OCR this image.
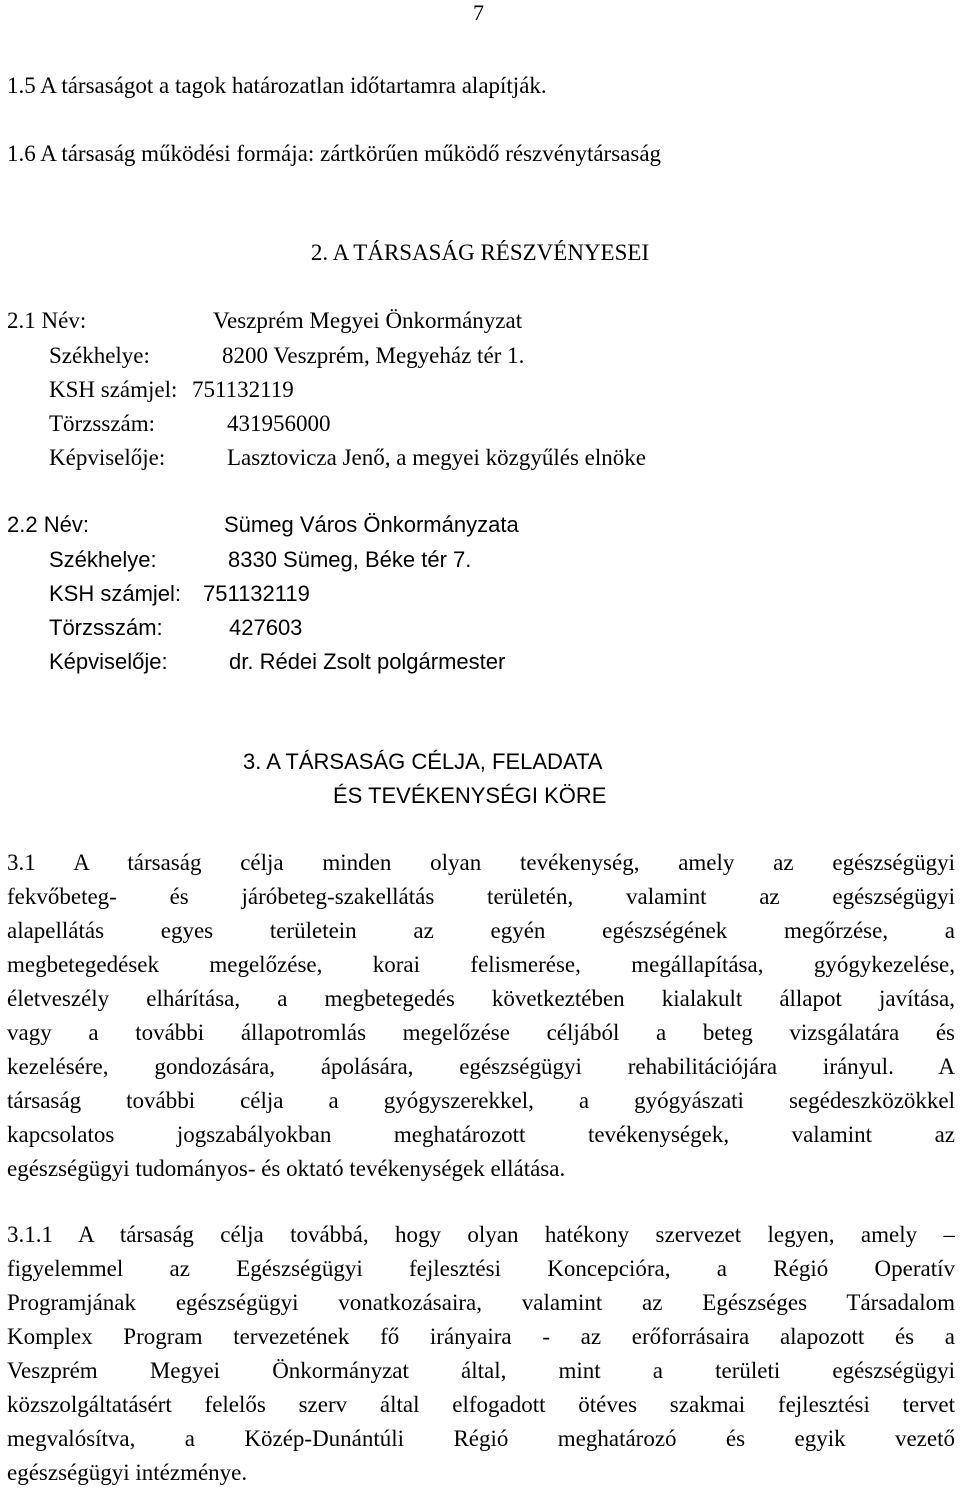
7
1.5 A társaságot a tagok határozatlan időtartamra alapítják.
1.6 A társaság működési formája: zártkörűen működő részvénytársaság
2. A TÁRSASÁG RÉSZVÉNYESEI
2.1 Név:	Veszprém Megyei Önkormányzat
Székhelye:	8200 Veszprém, Megyeház tér 1.
KSH számjel: 751132119
Törzsszám:	431956000
Képviselője:	Lasztovicza Jenő, a megyei közgyűlés elnöke
2.2 Név:	Sümeg Város Önkormányzata
Székhelye:	8330 Sümeg, Béke tér 7.
KSH számjel: 751132119
Törzsszám:	427603
Képviselője:	dr. Rédei Zsolt polgármester
3. A TÁRSASÁG CÉLJA, FELADATA
ÉS TEVÉKENYSÉGI KÖRE
3.1 A társaság célja minden olyan tevékenység, amely az egészségügyi
fekvőbeteg- és járóbeteg-szakellátás területén, valamint az egészségügyi
alapellátás egyes területein az egyén egészségének megőrzése, a
megbetegedések megelőzése, korai felismerése, megállapítása, gyógykezelése,
életveszély elhárítása, a megbetegedés következtében kialakult állapot javítása,
vagy a további állapotromlás megelőzése céljából a beteg vizsgálatára és
kezelésére, gondozására, ápolására, egészségügyi rehabilitációjára irányul. A
társaság további célja a gyógyszerekkel, a gyógyászati segédeszközökkel
kapcsolatos jogszabályokban meghatározott tevékenységek, valamint az
egészségügyi tudományos- és oktató tevékenységek ellátása.
3.1.1 A társaság célja továbbá, hogy olyan hatékony szervezet legyen, amely –
figyelemmel az Egészségügyi fejlesztési Koncepcióra, a Régió Operatív
Programjának egészségügyi vonatkozásaira, valamint az Egészséges Társadalom
Komplex Program tervezetének fő irányaira - az erőforrásaira alapozott és a
Veszprém Megyei Önkormányzat által, mint a területi egészségügyi
közszolgáltatásért felelős szerv által elfogadott ötéves szakmai fejlesztési tervet
megvalósítva, a Közép-Dunántúli Régió meghatározó és egyik vezető
egészségügyi intézménye.
